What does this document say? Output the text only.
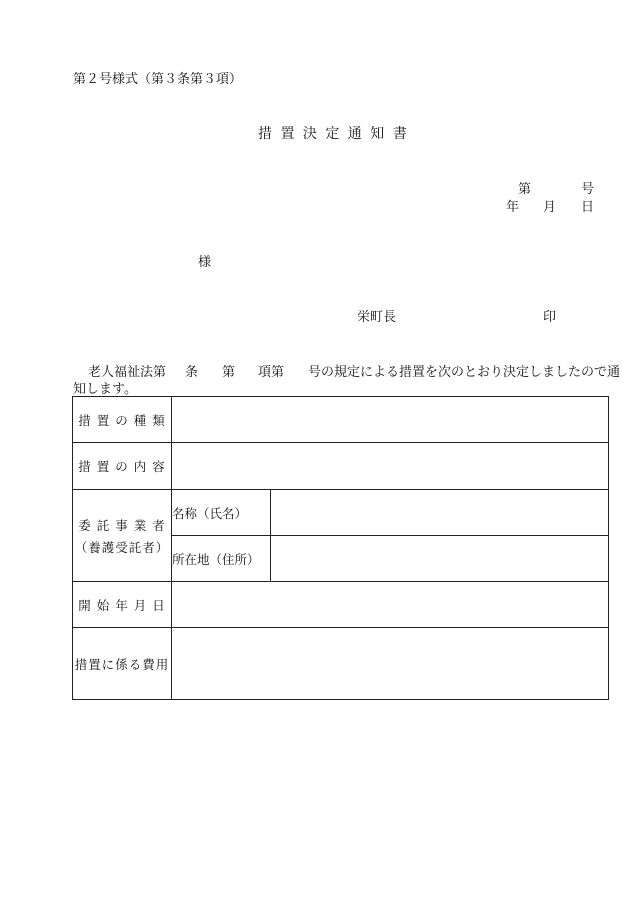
第２号様式（第３条第３項）
措 置 決 定 通 知 書
第	号
年 月 日
様
栄町長	印
老人福祉法第 条 第 項第 号の規定による措置を次のとおり決定しましたので通
知します。
措 置 の 種 類		
措 置 の 内 容		

委 託 事 業 者
（養護受託者）	名称（氏名）	
	所在地（住所）	
開 始 年 月 日		
措置に係る費用		
